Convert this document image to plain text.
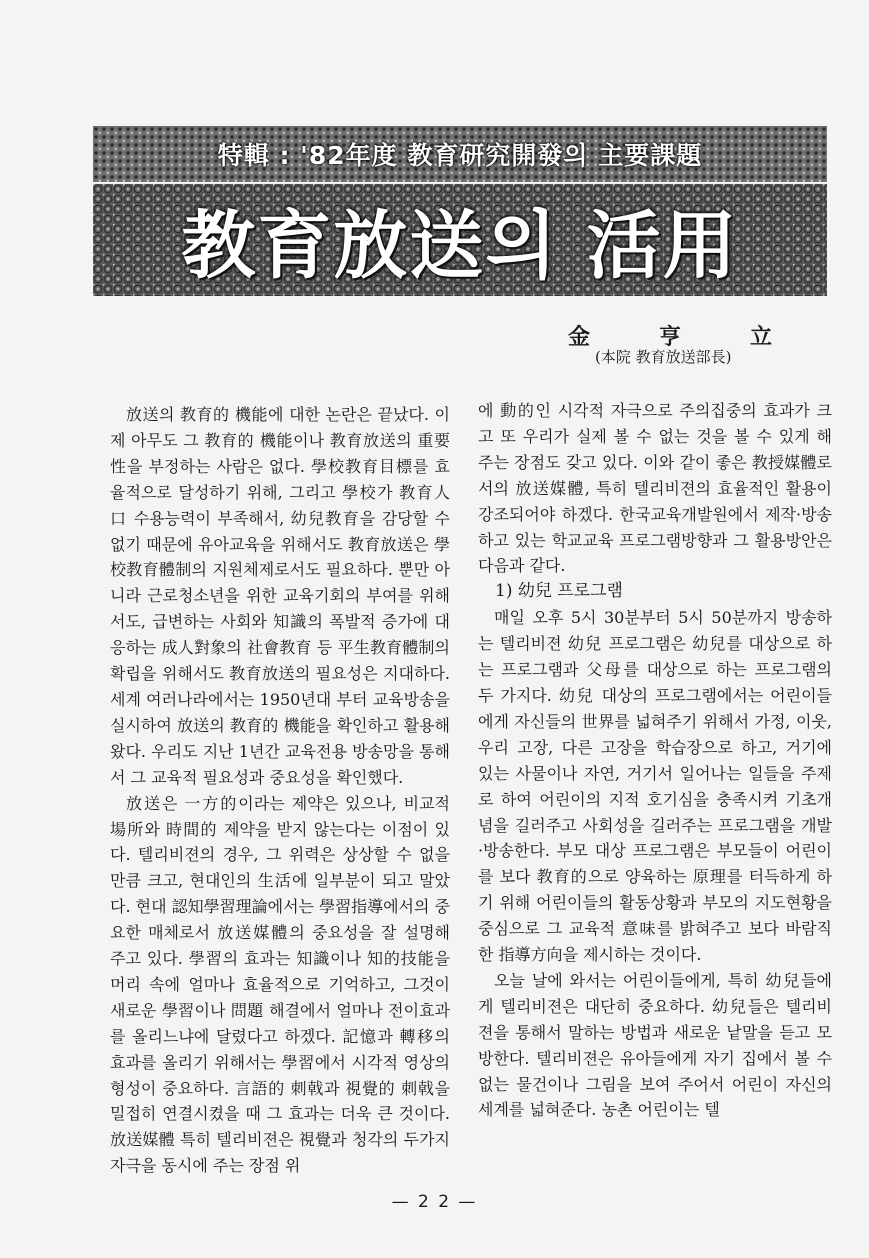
特輯 : '82年度 教育研究開發의 主要課題
教育放送의 活用
金	亨	立
(本院 教育放送部長)

放送의 教育的 機能에 대한 논란은 끝났다. 이제 아무도 그 教育的 機能이나 教育放送의 重要性을 부정하는 사람은 없다. 學校教育目標를 효율적으로 달성하기 위해, 그리고 學校가 教育人口 수용능력이 부족해서, 幼兒教育을 감당할 수 없기 때문에 유아교육을 위해서도 教育放送은 學校教育體制의 지원체제로서도 필요하다. 뿐만 아니라 근로청소년을 위한 교육기회의 부여를 위해서도, 급변하는 사회와 知識의 폭발적 증가에 대응하는 成人對象의 社會教育 등 平生教育體制의 확립을 위해서도 教育放送의 필요성은 지대하다. 세계 여러나라에서는 1950년대 부터 교육방송을 실시하여 放送의 教育的 機能을 확인하고 활용해왔다. 우리도 지난 1년간 교육전용 방송망을 통해서 그 교육적 필요성과 중요성을 확인했다.

放送은 一方的이라는 제약은 있으나, 비교적 場所와 時間的 제약을 받지 않는다는 이점이 있다. 텔리비젼의 경우, 그 위력은 상상할 수 없을 만큼 크고, 현대인의 生活에 일부분이 되고 말았다. 현대 認知學習理論에서는 學習指導에서의 중요한 매체로서 放送媒體의 중요성을 잘 설명해 주고 있다. 學習의 효과는 知識이나 知的技能을 머리 속에 얼마나 효율적으로 기억하고, 그것이 새로운 學習이나 問題 해결에서 얼마나 전이효과를 올리느냐에 달렸다고 하겠다. 記憶과 轉移의 효과를 올리기 위해서는 學習에서 시각적 영상의 형성이 중요하다. 言語的 刺戟과 視覺的 刺戟을 밀접히 연결시켰을 때 그 효과는 더욱 큰 것이다. 放送媒體 특히 텔리비젼은 視覺과 청각의 두가지 자극을 동시에 주는 장점 위

에 動的인 시각적 자극으로 주의집중의 효과가 크고 또 우리가 실제 볼 수 없는 것을 볼 수 있게 해 주는 장점도 갖고 있다. 이와 같이 좋은 教授媒體로서의 放送媒體, 특히 텔리비젼의 효율적인 활용이 강조되어야 하겠다. 한국교육개발원에서 제작·방송하고 있는 학교교육 프로그램방향과 그 활용방안은 다음과 같다.

1) 幼兒 프로그램

매일 오후 5시 30분부터 5시 50분까지 방송하는 텔리비젼 幼兒 프로그램은 幼兒를 대상으로 하는 프로그램과 父母를 대상으로 하는 프로그램의 두 가지다. 幼兒 대상의 프로그램에서는 어린이들에게 자신들의 世界를 넓혀주기 위해서 가정, 이웃, 우리 고장, 다른 고장을 학습장으로 하고, 거기에 있는 사물이나 자연, 거기서 일어나는 일들을 주제로 하여 어린이의 지적 호기심을 충족시켜 기초개념을 길러주고 사회성을 길러주는 프로그램을 개발·방송한다. 부모 대상 프로그램은 부모들이 어린이를 보다 教育的으로 양육하는 原理를 터득하게 하기 위해 어린이들의 활동상황과 부모의 지도현황을 중심으로 그 교육적 意味를 밝혀주고 보다 바람직한 指導方向을 제시하는 것이다.

오늘 날에 와서는 어린이들에게, 특히 幼兒들에게 텔리비젼은 대단히 중요하다. 幼兒들은 텔리비젼을 통해서 말하는 방법과 새로운 낱말을 듣고 모방한다. 텔리비젼은 유아들에게 자기 집에서 볼 수 없는 물건이나 그림을 보여 주어서 어린이 자신의 세계를 넓혀준다. 농촌 어린이는 텔

— 2 2 —
